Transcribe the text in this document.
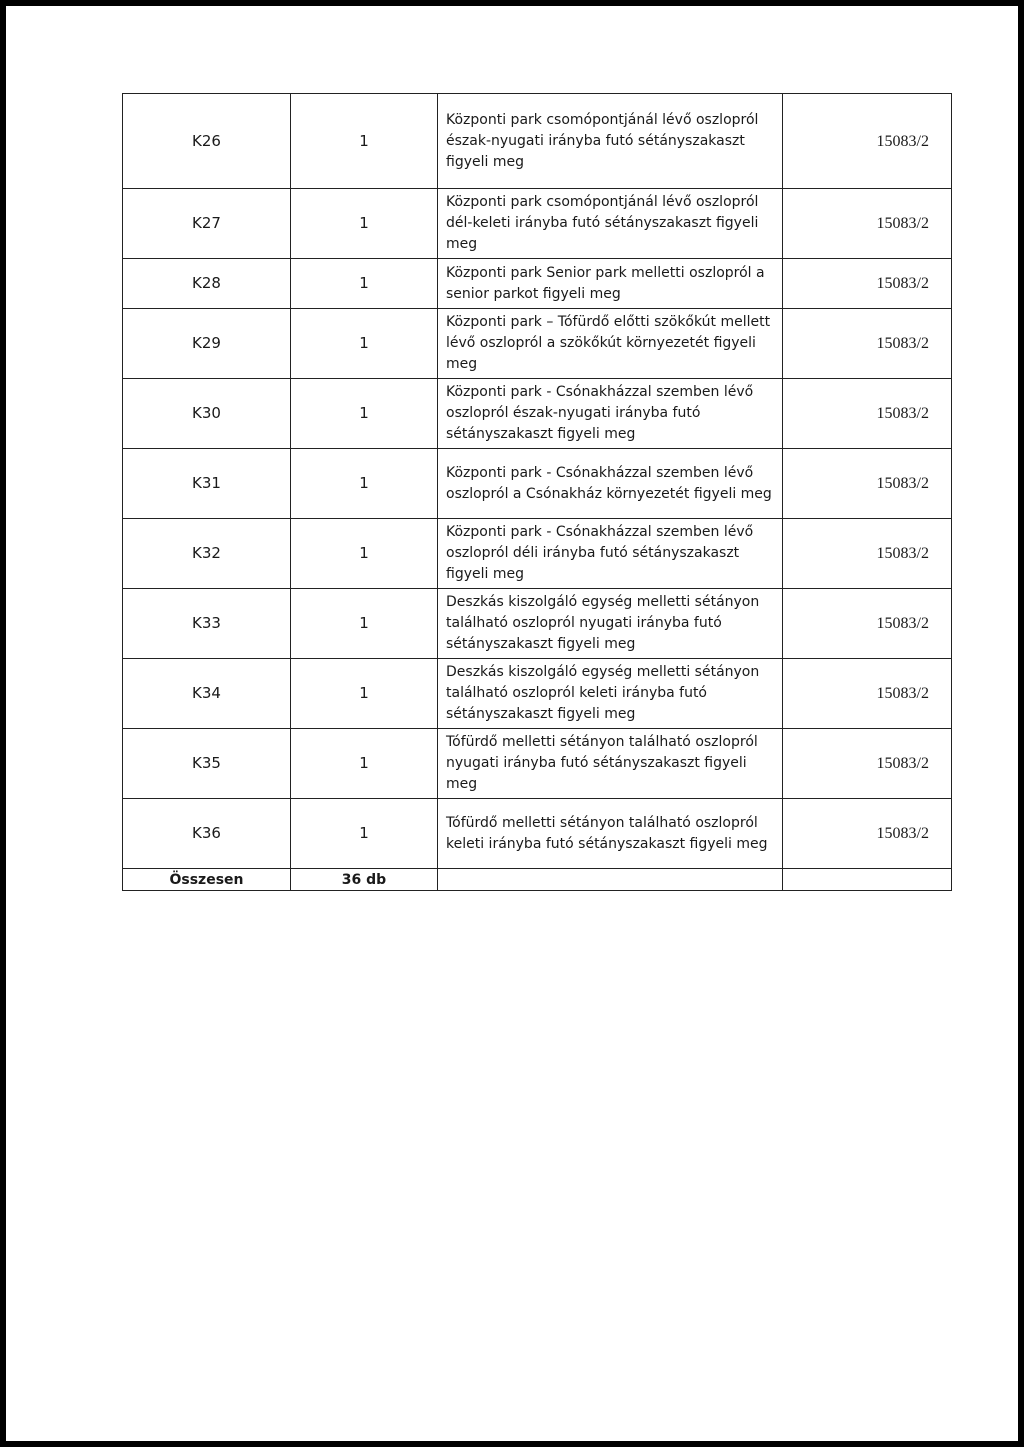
K26	1	Központi park csomópontjánál lévő oszlopról észak-nyugati irányba futó sétányszakaszt figyeli meg	15083/2
K27	1	Központi park csomópontjánál lévő oszlopról dél-keleti irányba futó sétányszakaszt figyeli meg	15083/2
K28	1	Központi park Senior park melletti oszlopról a senior parkot figyeli meg	15083/2
K29	1	Központi park – Tófürdő előtti szökőkút mellett lévő oszlopról a szökőkút környezetét figyeli meg	15083/2
K30	1	Központi park - Csónakházzal szemben lévő oszlopról észak-nyugati irányba futó sétányszakaszt figyeli meg	15083/2
K31	1	Központi park - Csónakházzal szemben lévő oszlopról a Csónakház környezetét figyeli meg	15083/2
K32	1	Központi park - Csónakházzal szemben lévő oszlopról déli irányba futó sétányszakaszt figyeli meg	15083/2
K33	1	Deszkás kiszolgáló egység melletti sétányon található oszlopról nyugati irányba futó sétányszakaszt figyeli meg	15083/2
K34	1	Deszkás kiszolgáló egység melletti sétányon található oszlopról keleti irányba futó sétányszakaszt figyeli meg	15083/2
K35	1	Tófürdő melletti sétányon található oszlopról nyugati irányba futó sétányszakaszt figyeli meg	15083/2
K36	1	Tófürdő melletti sétányon található oszlopról keleti irányba futó sétányszakaszt figyeli meg	15083/2
Összesen	36 db		
